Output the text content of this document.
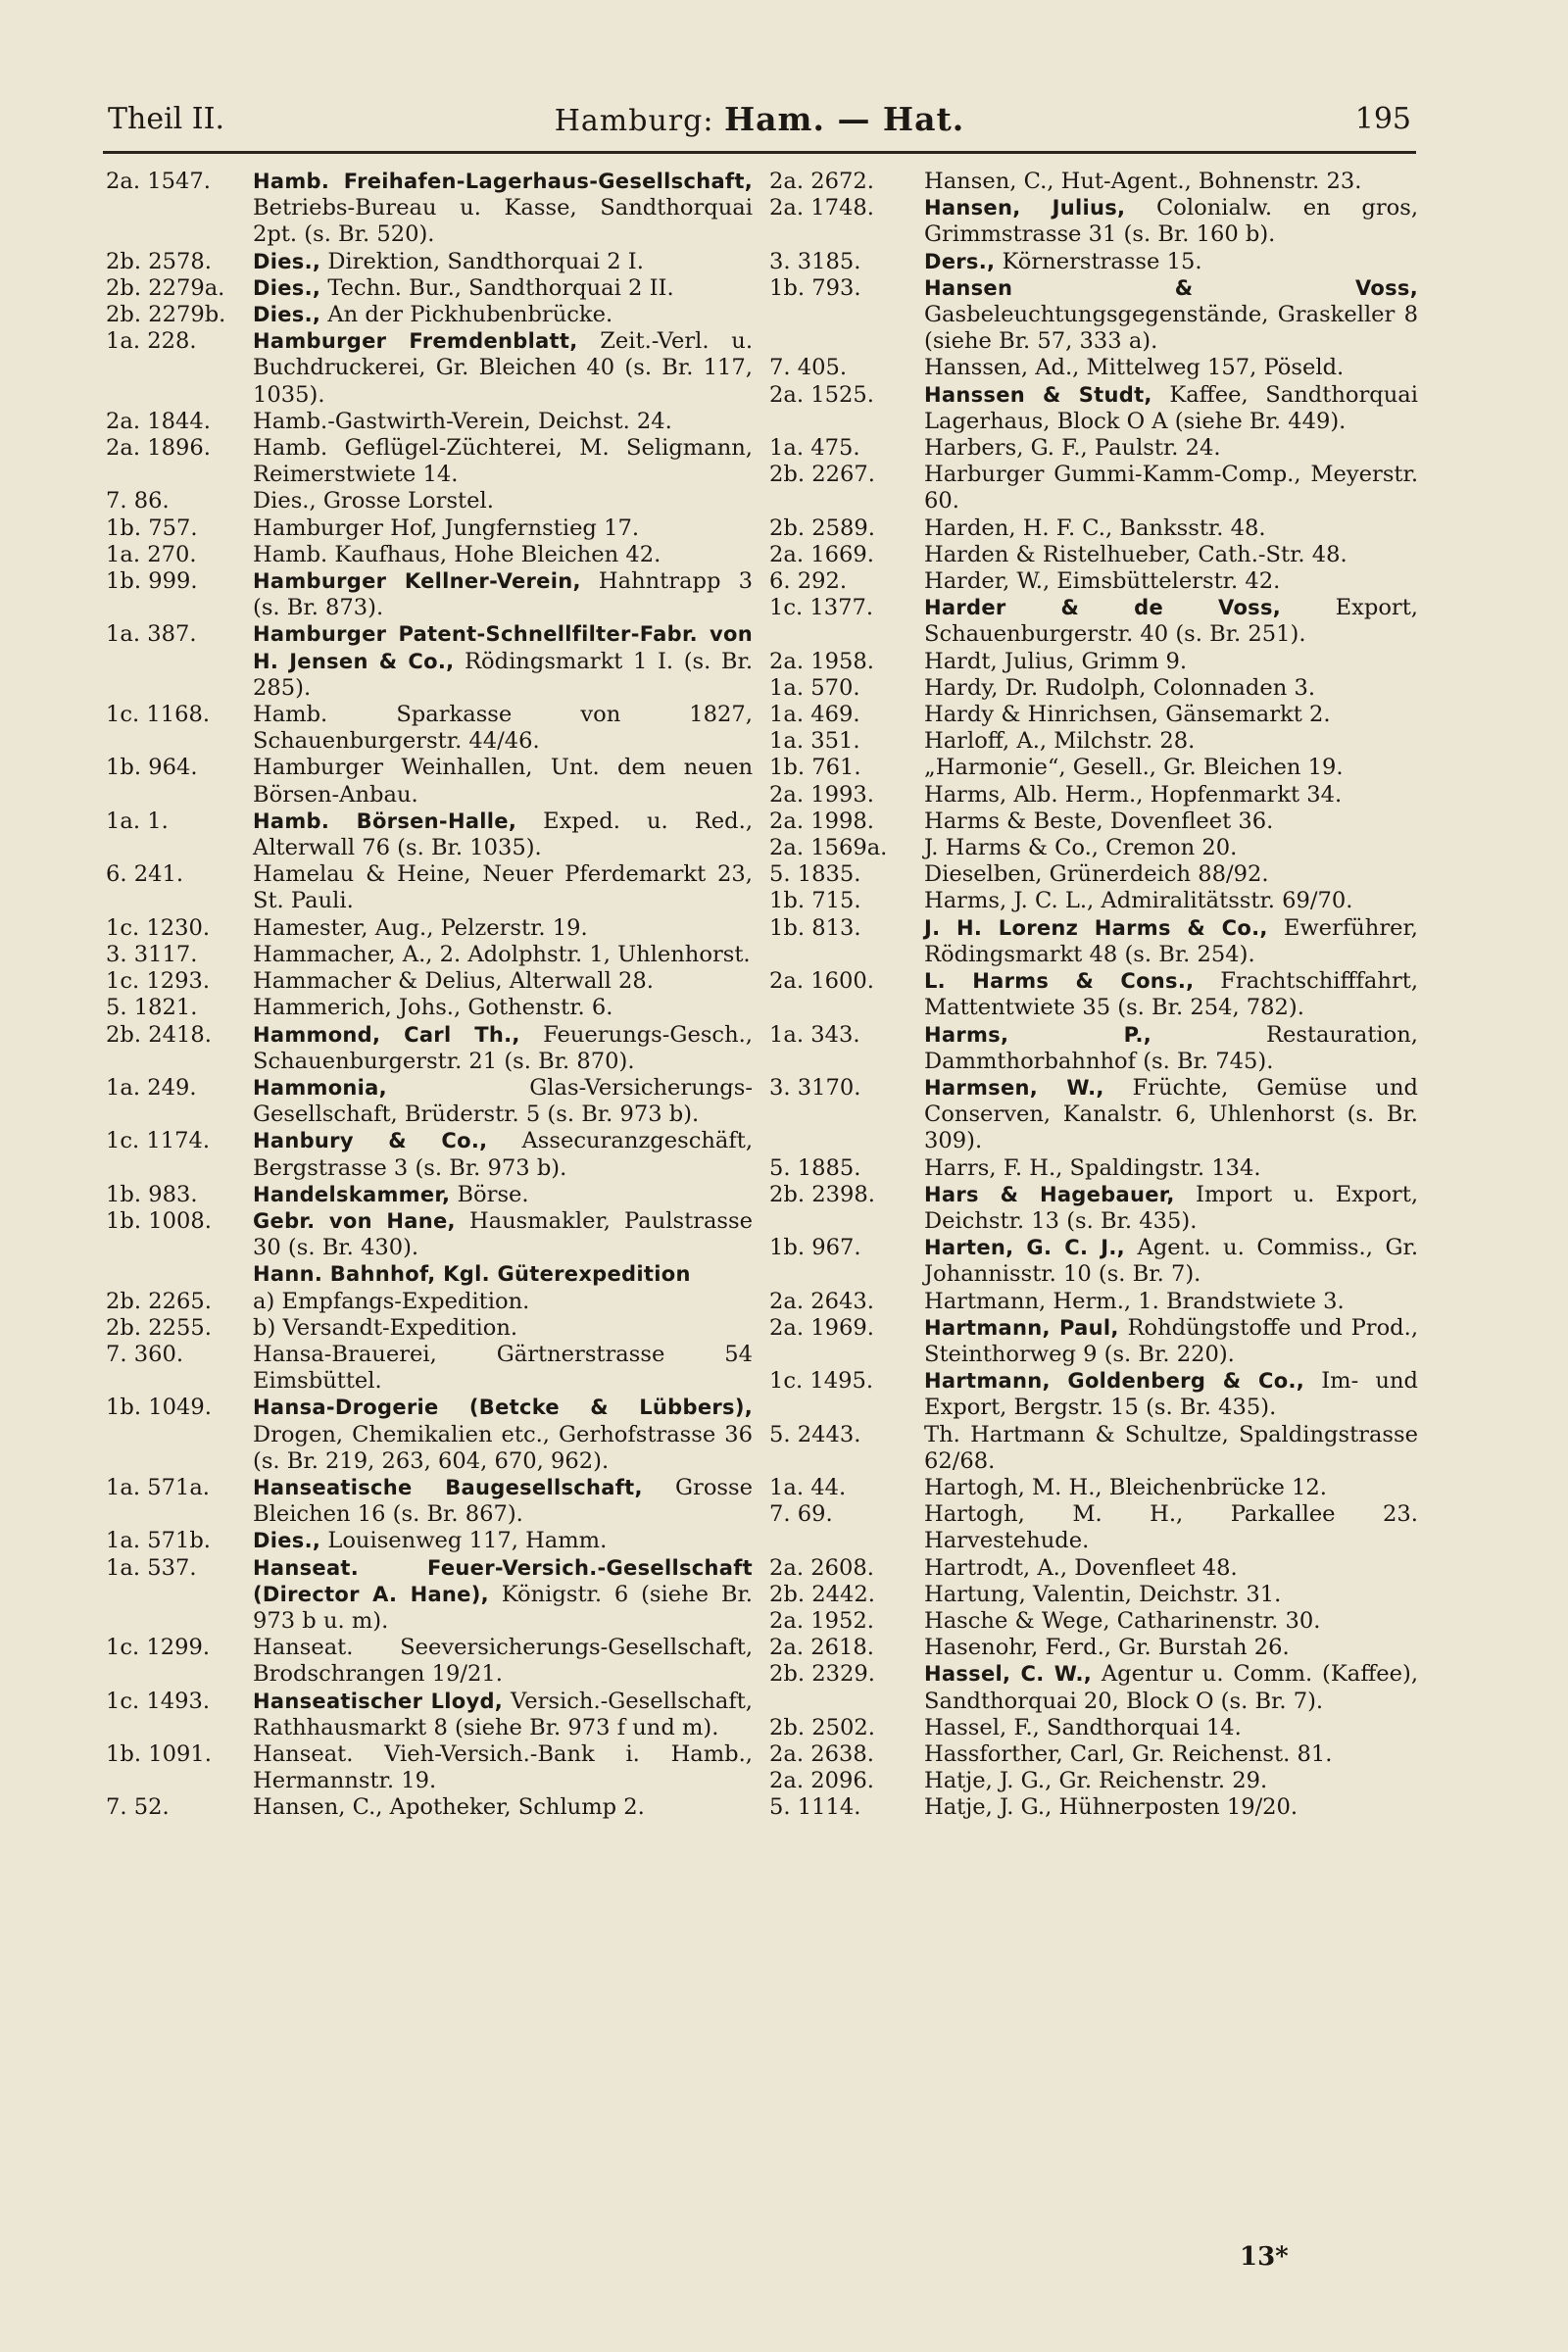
Theil II.	Hamburg: Ham. — Hat.	195
2a. 1547.	Hamb. Freihafen-Lagerhaus-Gesellschaft, Betriebs-Bureau u. Kasse, Sandthorquai 2pt. (s. Br. 520).
2b. 2578.	Dies., Direktion, Sandthorquai 2 I.
2b. 2279a.	Dies., Techn. Bur., Sandthorquai 2 II.
2b. 2279b.	Dies., An der Pickhubenbrücke.
1a. 228.	Hamburger Fremdenblatt, Zeit.-Verl. u. Buchdruckerei, Gr. Bleichen 40 (s. Br. 117, 1035).
2a. 1844.	Hamb.-Gastwirth-Verein, Deichst. 24.
2a. 1896.	Hamb. Geflügel-Züchterei, M. Seligmann, Reimerstwiete 14.
7. 86.	Dies., Grosse Lorstel.
1b. 757.	Hamburger Hof, Jungfernstieg 17.
1a. 270.	Hamb. Kaufhaus, Hohe Bleichen 42.
1b. 999.	Hamburger Kellner-Verein, Hahntrapp 3 (s. Br. 873).
1a. 387.	Hamburger Patent-Schnellfilter-Fabr. von H. Jensen & Co., Rödingsmarkt 1 I. (s. Br. 285).
1c. 1168.	Hamb. Sparkasse von 1827, Schauenburgerstr. 44/46.
1b. 964.	Hamburger Weinhallen, Unt. dem neuen Börsen-Anbau.
1a. 1.	Hamb. Börsen-Halle, Exped. u. Red., Alterwall 76 (s. Br. 1035).
6. 241.	Hamelau & Heine, Neuer Pferdemarkt 23, St. Pauli.
1c. 1230.	Hamester, Aug., Pelzerstr. 19.
3. 3117.	Hammacher, A., 2. Adolphstr. 1, Uhlenhorst.
1c. 1293.	Hammacher & Delius, Alterwall 28.
5. 1821.	Hammerich, Johs., Gothenstr. 6.
2b. 2418.	Hammond, Carl Th., Feuerungs-Gesch., Schauenburgerstr. 21 (s. Br. 870).
1a. 249.	Hammonia, Glas-Versicherungs-Gesellschaft, Brüderstr. 5 (s. Br. 973 b).
1c. 1174.	Hanbury & Co., Assecuranzgeschäft, Bergstrasse 3 (s. Br. 973 b).
1b. 983.	Handelskammer, Börse.
1b. 1008.	Gebr. von Hane, Hausmakler, Paulstrasse 30 (s. Br. 430).
Hann. Bahnhof, Kgl. Güterexpedition
2b. 2265.	a) Empfangs-Expedition.
2b. 2255.	b) Versandt-Expedition.
7. 360.	Hansa-Brauerei, Gärtnerstrasse 54 Eimsbüttel.
1b. 1049.	Hansa-Drogerie (Betcke & Lübbers), Drogen, Chemikalien etc., Gerhofstrasse 36 (s. Br. 219, 263, 604, 670, 962).
1a. 571a.	Hanseatische Baugesellschaft, Grosse Bleichen 16 (s. Br. 867).
1a. 571b.	Dies., Louisenweg 117, Hamm.
1a. 537.	Hanseat. Feuer-Versich.-Gesellschaft (Director A. Hane), Königstr. 6 (siehe Br. 973 b u. m).
1c. 1299.	Hanseat. Seeversicherungs-Gesellschaft, Brodschrangen 19/21.
1c. 1493.	Hanseatischer Lloyd, Versich.-Gesellschaft, Rathhausmarkt 8 (siehe Br. 973 f und m).
1b. 1091.	Hanseat. Vieh-Versich.-Bank i. Hamb., Hermannstr. 19.
7. 52.	Hansen, C., Apotheker, Schlump 2.
2a. 2672.	Hansen, C., Hut-Agent., Bohnenstr. 23.
2a. 1748.	Hansen, Julius, Colonialw. en gros, Grimmstrasse 31 (s. Br. 160 b).
3. 3185.	Ders., Körnerstrasse 15.
1b. 793.	Hansen & Voss, Gasbeleuchtungsgegenstände, Graskeller 8 (siehe Br. 57, 333 a).
7. 405.	Hanssen, Ad., Mittelweg 157, Pöseld.
2a. 1525.	Hanssen & Studt, Kaffee, Sandthorquai Lagerhaus, Block O A (siehe Br. 449).
1a. 475.	Harbers, G. F., Paulstr. 24.
2b. 2267.	Harburger Gummi-Kamm-Comp., Meyerstr. 60.
2b. 2589.	Harden, H. F. C., Banksstr. 48.
2a. 1669.	Harden & Ristelhueber, Cath.-Str. 48.
6. 292.	Harder, W., Eimsbüttelerstr. 42.
1c. 1377.	Harder & de Voss, Export, Schauenburgerstr. 40 (s. Br. 251).
2a. 1958.	Hardt, Julius, Grimm 9.
1a. 570.	Hardy, Dr. Rudolph, Colonnaden 3.
1a. 469.	Hardy & Hinrichsen, Gänsemarkt 2.
1a. 351.	Harloff, A., Milchstr. 28.
1b. 761.	„Harmonie“, Gesell., Gr. Bleichen 19.
2a. 1993.	Harms, Alb. Herm., Hopfenmarkt 34.
2a. 1998.	Harms & Beste, Dovenfleet 36.
2a. 1569a.	J. Harms & Co., Cremon 20.
5. 1835.	Dieselben, Grünerdeich 88/92.
1b. 715.	Harms, J. C. L., Admiralitätsstr. 69/70.
1b. 813.	J. H. Lorenz Harms & Co., Ewerführer, Rödingsmarkt 48 (s. Br. 254).
2a. 1600.	L. Harms & Cons., Frachtschifffahrt, Mattentwiete 35 (s. Br. 254, 782).
1a. 343.	Harms, P., Restauration, Dammthorbahnhof (s. Br. 745).
3. 3170.	Harmsen, W., Früchte, Gemüse und Conserven, Kanalstr. 6, Uhlenhorst (s. Br. 309).
5. 1885.	Harrs, F. H., Spaldingstr. 134.
2b. 2398.	Hars & Hagebauer, Import u. Export, Deichstr. 13 (s. Br. 435).
1b. 967.	Harten, G. C. J., Agent. u. Commiss., Gr. Johannisstr. 10 (s. Br. 7).
2a. 2643.	Hartmann, Herm., 1. Brandstwiete 3.
2a. 1969.	Hartmann, Paul, Rohdüngstoffe und Prod., Steinthorweg 9 (s. Br. 220).
1c. 1495.	Hartmann, Goldenberg & Co., Im- und Export, Bergstr. 15 (s. Br. 435).
5. 2443.	Th. Hartmann & Schultze, Spaldingstrasse 62/68.
1a. 44.	Hartogh, M. H., Bleichenbrücke 12.
7. 69.	Hartogh, M. H., Parkallee 23. Harvestehude.
2a. 2608.	Hartrodt, A., Dovenfleet 48.
2b. 2442.	Hartung, Valentin, Deichstr. 31.
2a. 1952.	Hasche & Wege, Catharinenstr. 30.
2a. 2618.	Hasenohr, Ferd., Gr. Burstah 26.
2b. 2329.	Hassel, C. W., Agentur u. Comm. (Kaffee), Sandthorquai 20, Block O (s. Br. 7).
2b. 2502.	Hassel, F., Sandthorquai 14.
2a. 2638.	Hassforther, Carl, Gr. Reichenst. 81.
2a. 2096.	Hatje, J. G., Gr. Reichenstr. 29.
5. 1114.	Hatje, J. G., Hühnerposten 19/20.
13*
